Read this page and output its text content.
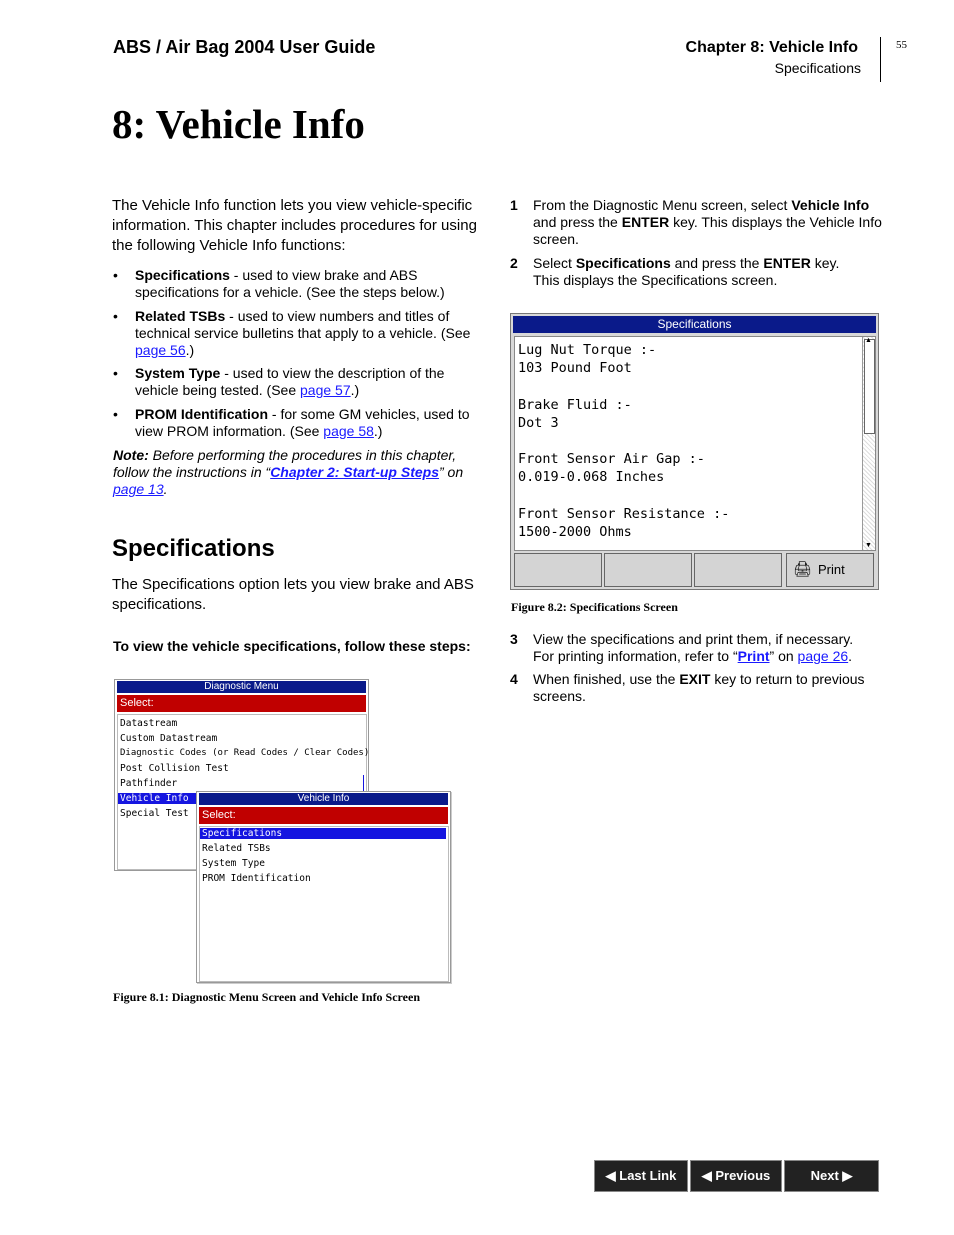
ABS / Air Bag 2004 User Guide	Chapter 8: Vehicle Info
Specifications
55
8: Vehicle Info
The Vehicle Info function lets you view vehicle-specific information. This chapter includes procedures for using the following Vehicle Info functions:
• Specifications - used to view brake and ABS specifications for a vehicle. (See the steps below.)
• Related TSBs - used to view numbers and titles of technical service bulletins that apply to a vehicle. (See page 56.)
• System Type - used to view the description of the vehicle being tested. (See page 57.)
• PROM Identification - for some GM vehicles, used to view PROM information. (See page 58.)
Note: Before performing the procedures in this chapter, follow the instructions in “Chapter 2: Start-up Steps” on page 13.
Specifications
The Specifications option lets you view brake and ABS specifications.
To view the vehicle specifications, follow these steps:
Diagnostic Menu
Select:
Datastream
Custom Datastream
Diagnostic Codes (or Read Codes / Clear Codes)
Post Collision Test
Pathfinder
Vehicle Info
Special Test
Vehicle Info
Select:
Specifications
Related TSBs
System Type
PROM Identification
Figure 8.1: Diagnostic Menu Screen and Vehicle Info Screen
1 From the Diagnostic Menu screen, select Vehicle Info and press the ENTER key. This displays the Vehicle Info screen.
2 Select Specifications and press the ENTER key. This displays the Specifications screen.
Specifications
Lug Nut Torque :-
103 Pound Foot

Brake Fluid :-
Dot 3

Front Sensor Air Gap :-
0.019-0.068 Inches

Front Sensor Resistance :-
1500-2000 Ohms
▲
▼
🖨 Print
Figure 8.2: Specifications Screen
3 View the specifications and print them, if necessary. For printing information, refer to “Print” on page 26.
4 When finished, use the EXIT key to return to previous screens.
◀ Last Link	◀ Previous	Next ▶
